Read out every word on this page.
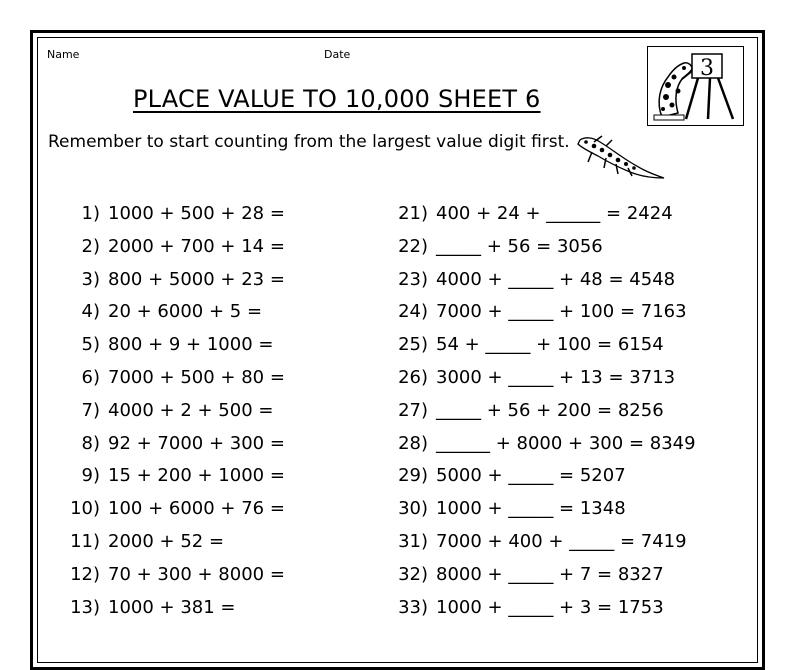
Name	Date
PLACE VALUE TO 10,000 SHEET 6
3
Remember to start counting from the largest value digit first.
1) 1000 + 500 + 28 =
2) 2000 + 700 + 14 =
3) 800 + 5000 + 23 =
4) 20 + 6000 + 5 =
5) 800 + 9 + 1000 =
6) 7000 + 500 + 80 =
7) 4000 + 2 + 500 =
8) 92 + 7000 + 300 =
9) 15 + 200 + 1000 =
10) 100 + 6000 + 76 =
11) 2000 + 52 =
12) 70 + 300 + 8000 =
13) 1000 + 381 =
21) 400 + 24 + ______ = 2424
22) _____ + 56 = 3056
23) 4000 + _____ + 48 = 4548
24) 7000 + _____ + 100 = 7163
25) 54 + _____ + 100 = 6154
26) 3000 + _____ + 13 = 3713
27) _____ + 56 + 200 = 8256
28) ______ + 8000 + 300 = 8349
29) 5000 + _____ = 5207
30) 1000 + _____ = 1348
31) 7000 + 400 + _____ = 7419
32) 8000 + _____ + 7 = 8327
33) 1000 + _____ + 3 = 1753
